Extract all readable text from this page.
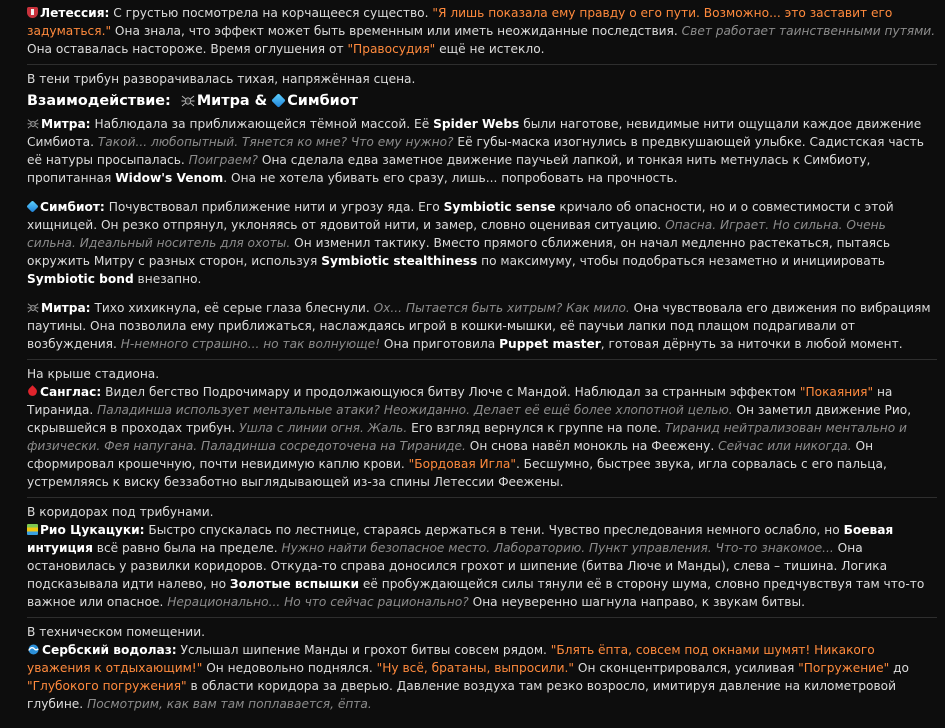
Летессия: С грустью посмотрела на корчащееся существо. "Я лишь показала ему правду о его пути. Возможно... это заставит его задуматься." Она знала, что эффект может быть временным или иметь неожиданные последствия. Свет работает таинственными путями.
Она оставалась настороже. Время оглушения от "Правосудия" ещё не истекло.

В тени трибун разворачивалась тихая, напряжённая сцена.

Взаимодействие: Митра & Симбиот

Митра: Наблюдала за приближающейся тёмной массой. Её Spider Webs были наготове, невидимые нити ощущали каждое движение Симбиота. Такой... любопытный. Тянется ко мне? Что ему нужно? Её губы-маска изогнулись в предвкушающей улыбке. Садистская часть её натуры просыпалась. Поиграем? Она сделала едва заметное движение паучьей лапкой, и тонкая нить метнулась к Симбиоту, пропитанная Widow's Venom. Она не хотела убивать его сразу, лишь... попробовать на прочность.

Симбиот: Почувствовал приближение нити и угрозу яда. Его Symbiotic sense кричало об опасности, но и о совместимости с этой хищницей. Он резко отпрянул, уклоняясь от ядовитой нити, и замер, словно оценивая ситуацию. Опасна. Играет. Но сильна. Очень сильна. Идеальный носитель для охоты. Он изменил тактику. Вместо прямого сближения, он начал медленно растекаться, пытаясь окружить Митру с разных сторон, используя Symbiotic stealthiness по максимуму, чтобы подобраться незаметно и инициировать Symbiotic bond внезапно.

Митра: Тихо хихикнула, её серые глаза блеснули. Ох... Пытается быть хитрым? Как мило. Она чувствовала его движения по вибрациям паутины. Она позволила ему приближаться, наслаждаясь игрой в кошки-мышки, её паучьи лапки под плащом подрагивали от возбуждения. Н-немного страшно... но так волнующе! Она приготовила Puppet master, готовая дёрнуть за ниточки в любой момент.

На крыше стадиона.

Санглас: Видел бегство Подрочимару и продолжающуюся битву Люче с Мандой. Наблюдал за странным эффектом "Покаяния" на Тиранида. Паладинша использует ментальные атаки? Неожиданно. Делает её ещё более хлопотной целью. Он заметил движение Рио, скрывшейся в проходах трибун. Ушла с линии огня. Жаль. Его взгляд вернулся к группе на поле. Тиранид нейтрализован ментально и физически. Фея напугана. Паладинша сосредоточена на Тираниде. Он снова навёл монокль на Феежену. Сейчас или никогда. Он сформировал крошечную, почти невидимую каплю крови. "Бордовая Игла". Бесшумно, быстрее звука, игла сорвалась с его пальца, устремляясь к виску беззаботно выглядывающей из-за спины Летессии Феежены.

В коридорах под трибунами.

Рио Цукацуки: Быстро спускалась по лестнице, стараясь держаться в тени. Чувство преследования немного ослабло, но Боевая интуиция всё равно была на пределе. Нужно найти безопасное место. Лабораторию. Пункт управления. Что-то знакомое... Она остановилась у развилки коридоров. Откуда-то справа доносился грохот и шипение (битва Люче и Манды), слева – тишина. Логика подсказывала идти налево, но Золотые вспышки её пробуждающейся силы тянули её в сторону шума, словно предчувствуя там что-то важное или опасное. Нерационально... Но что сейчас рационально? Она неуверенно шагнула направо, к звукам битвы.

В техническом помещении.

Сербский водолаз: Услышал шипение Манды и грохот битвы совсем рядом. "Блять ёпта, совсем под окнами шумят! Никакого уважения к отдыхающим!" Он недовольно поднялся. "Ну всё, братаны, выпросили." Он сконцентрировался, усиливая "Погружение" до "Глубокого погружения" в области коридора за дверью. Давление воздуха там резко возросло, имитируя давление на километровой глубине. Посмотрим, как вам там поплавается, ёпта.
